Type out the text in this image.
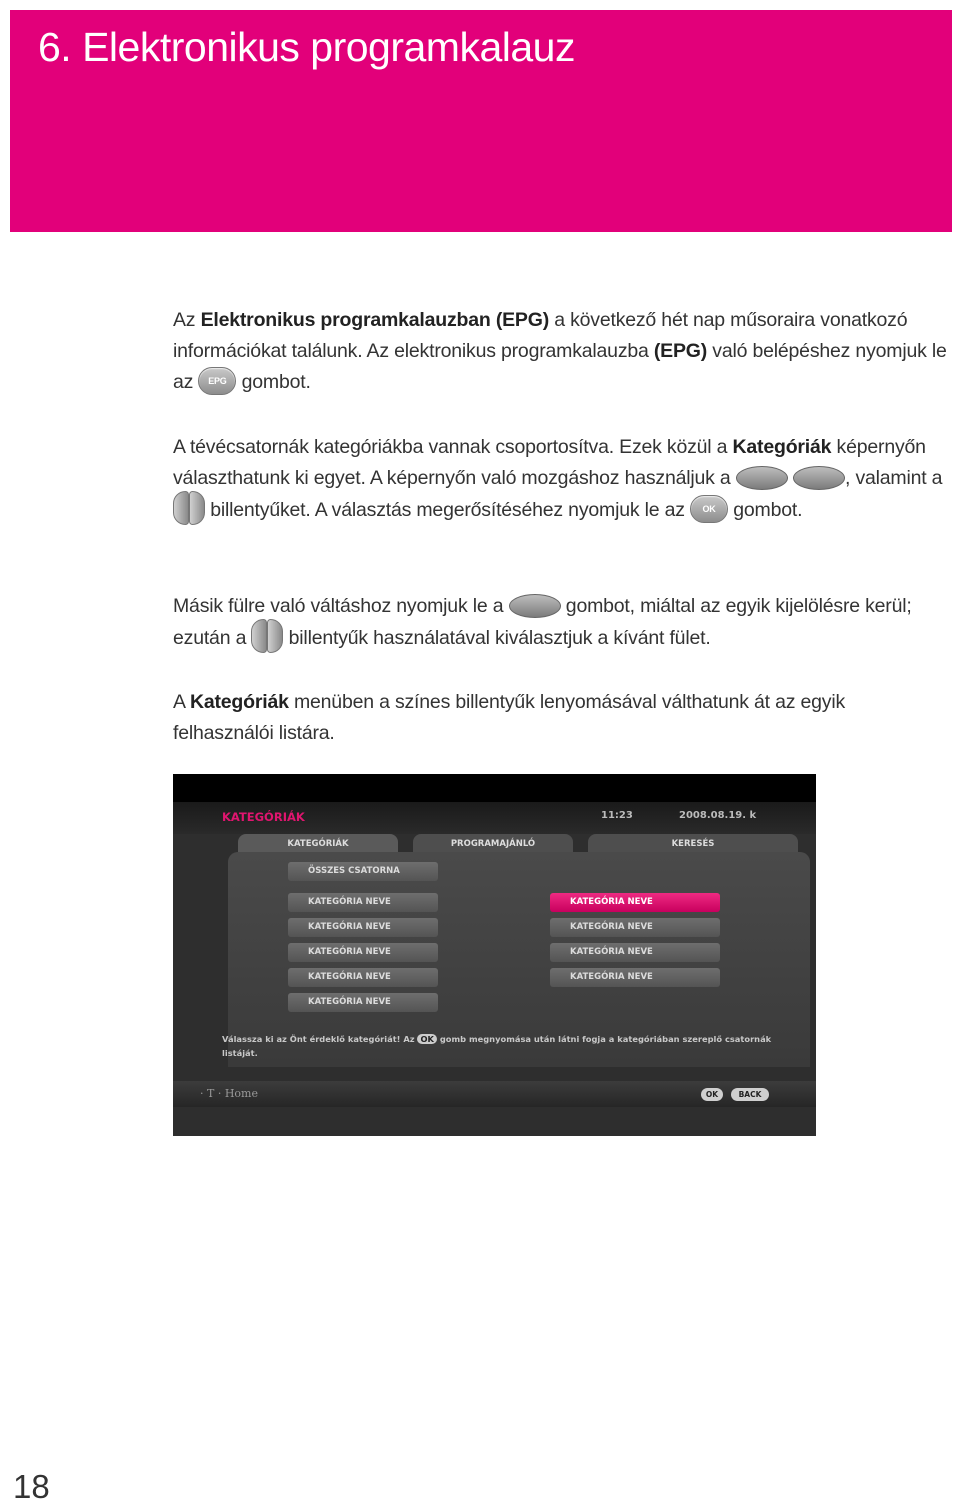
6. Elektronikus programkalauz

Az Elektronikus programkalauzban (EPG) a következő hét nap műsoraira vonatkozó információkat találunk. Az elektronikus programkalauzba (EPG) való belépéshez nyomjuk le az EPG gombot.

A tévécsatornák kategóriákba vannak csoportosítva. Ezek közül a Kategóriák képernyőn választhatunk ki egyet. A képernyőn való mozgáshoz használjuk a	, valamint a
billentyűket. A választás megerősítéséhez nyomjuk le az OK gombot.

Másik fülre való váltáshoz nyomjuk le a	gombot, miáltal az egyik kijelölésre kerül; ezután a
billentyűk használatával kiválasztjuk a kívánt fület.

A Kategóriák menüben a színes billentyűk lenyomásával válthatunk át az egyik felhasználói listára.

KATEGÓRIÁK	11:23	2008.08.19. k
KATEGÓRIÁK	PROGRAMAJÁNLÓ	KERESÉS
ÖSSZES CSATORNA
KATEGÓRIA NEVE
KATEGÓRIA NEVE
KATEGÓRIA NEVE
KATEGÓRIA NEVE
KATEGÓRIA NEVE
KATEGÓRIA NEVE
KATEGÓRIA NEVE
KATEGÓRIA NEVE
KATEGÓRIA NEVE
Válassza ki az Önt érdeklő kategóriát! Az OK gomb megnyomása után látni fogja a kategóriában szereplő csatornák listáját.
· T · Home	OK	BACK
18
